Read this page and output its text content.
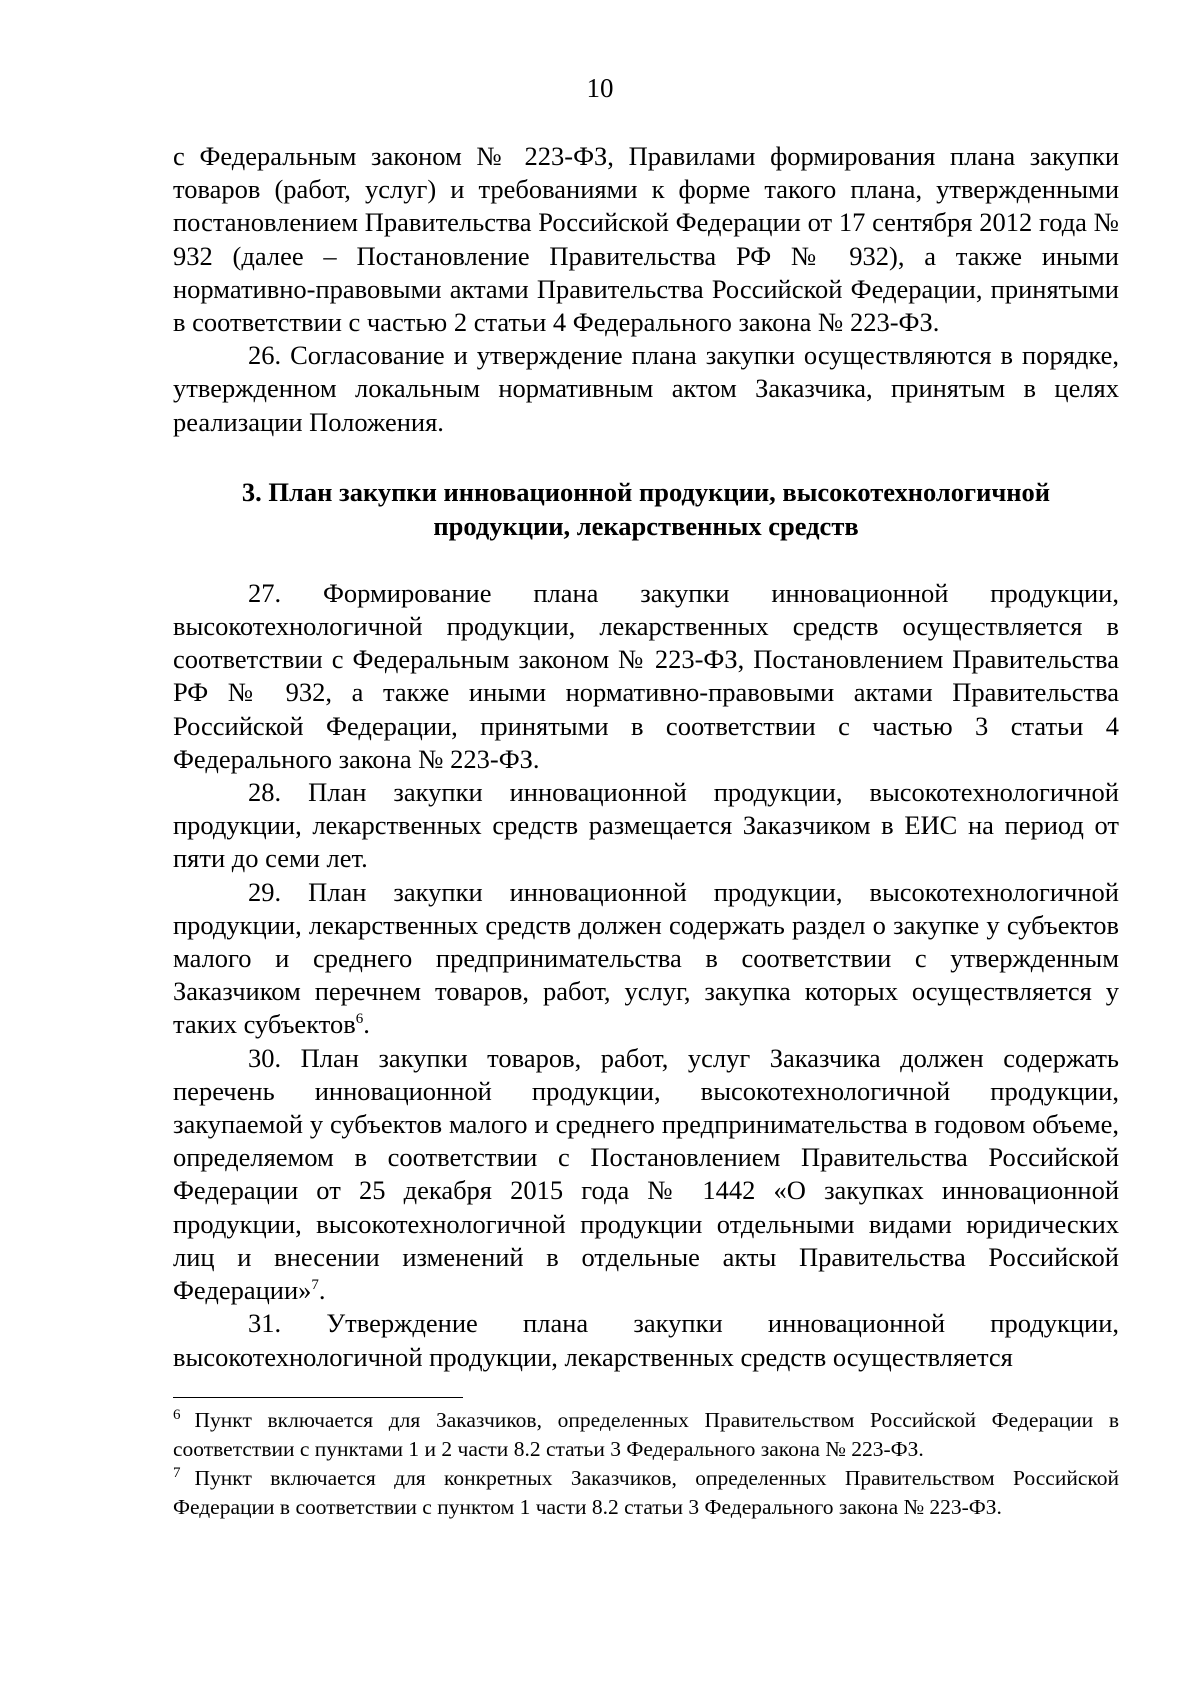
10

с Федеральным законом № 223-ФЗ, Правилами формирования плана закупки товаров (работ, услуг) и требованиями к форме такого плана, утвержденными постановлением Правительства Российской Федерации от 17 сентября 2012 года № 932 (далее – Постановление Правительства РФ № 932), а также иными нормативно-правовыми актами Правительства Российской Федерации, принятыми в соответствии с частью 2 статьи 4 Федерального закона № 223-ФЗ.

26. Согласование и утверждение плана закупки осуществляются в порядке, утвержденном локальным нормативным актом Заказчика, принятым в целях реализации Положения.

3. План закупки инновационной продукции, высокотехнологичной
продукции, лекарственных средств

27. Формирование плана закупки инновационной продукции, высокотехнологичной продукции, лекарственных средств осуществляется в соответствии с Федеральным законом № 223-ФЗ, Постановлением Правительства РФ № 932, а также иными нормативно-правовыми актами Правительства Российской Федерации, принятыми в соответствии с частью 3 статьи 4 Федерального закона № 223-ФЗ.

28. План закупки инновационной продукции, высокотехнологичной продукции, лекарственных средств размещается Заказчиком в ЕИС на период от пяти до семи лет.

29. План закупки инновационной продукции, высокотехнологичной продукции, лекарственных средств должен содержать раздел о закупке у субъектов малого и среднего предпринимательства в соответствии с утвержденным Заказчиком перечнем товаров, работ, услуг, закупка которых осуществляется у таких субъектов$^6$.

30. План закупки товаров, работ, услуг Заказчика должен содержать перечень инновационной продукции, высокотехнологичной продукции, закупаемой у субъектов малого и среднего предпринимательства в годовом объеме, определяемом в соответствии с Постановлением Правительства Российской Федерации от 25 декабря 2015 года № 1442 «О закупках инновационной продукции, высокотехнологичной продукции отдельными видами юридических лиц и внесении изменений в отдельные акты Правительства Российской Федерации»$^7$.

31. Утверждение плана закупки инновационной продукции, высокотехнологичной продукции, лекарственных средств осуществляется

$^6$ Пункт включается для Заказчиков, определенных Правительством Российской Федерации в соответствии с пунктами 1 и 2 части 8.2 статьи 3 Федерального закона № 223-ФЗ.

$^7$ Пункт включается для конкретных Заказчиков, определенных Правительством Российской Федерации в соответствии с пунктом 1 части 8.2 статьи 3 Федерального закона № 223-ФЗ.
